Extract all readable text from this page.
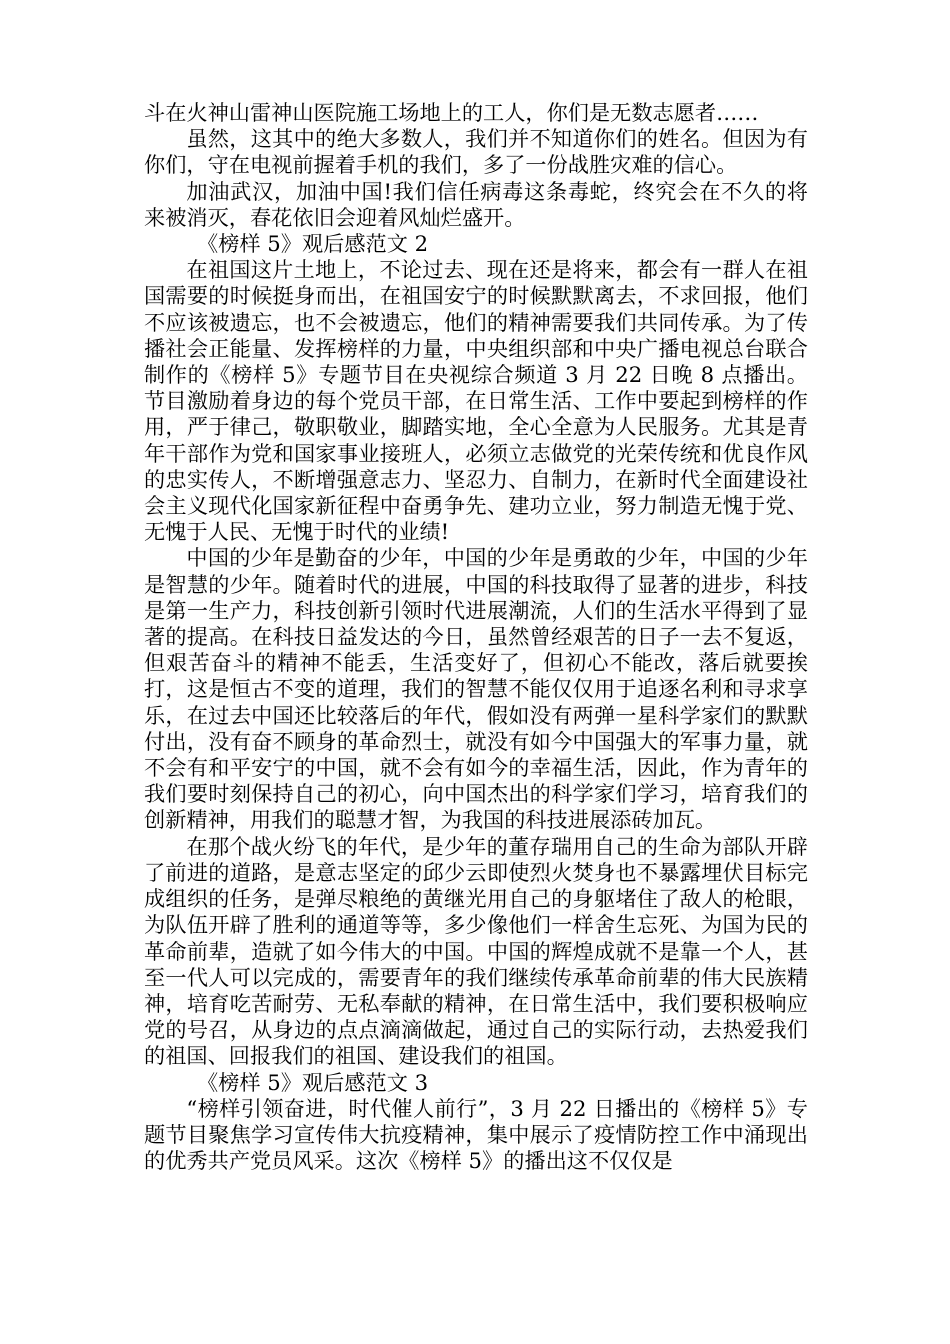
斗在火神山雷神山医院施工场地上的工人，你们是无数志愿者……

虽然，这其中的绝大多数人，我们并不知道你们的姓名。但因为有你们，守在电视前握着手机的我们，多了一份战胜灾难的信心。

加油武汉，加油中国!我们信任病毒这条毒蛇，终究会在不久的将来被消灭，春花依旧会迎着风灿烂盛开。

《榜样 5》观后感范文 2

在祖国这片土地上，不论过去、现在还是将来，都会有一群人在祖国需要的时候挺身而出，在祖国安宁的时候默默离去，不求回报，他们不应该被遗忘，也不会被遗忘，他们的精神需要我们共同传承。为了传播社会正能量、发挥榜样的力量，中央组织部和中央广播电视总台联合制作的《榜样 5》专题节目在央视综合频道 3 月 22 日晚 8 点播出。节目激励着身边的每个党员干部，在日常生活、工作中要起到榜样的作用，严于律己，敬职敬业，脚踏实地，全心全意为人民服务。尤其是青年干部作为党和国家事业接班人，必须立志做党的光荣传统和优良作风的忠实传人，不断增强意志力、坚忍力、自制力，在新时代全面建设社会主义现代化国家新征程中奋勇争先、建功立业，努力制造无愧于党、无愧于人民、无愧于时代的业绩!

中国的少年是勤奋的少年，中国的少年是勇敢的少年，中国的少年是智慧的少年。随着时代的进展，中国的科技取得了显著的进步，科技是第一生产力，科技创新引领时代进展潮流，人们的生活水平得到了显著的提高。在科技日益发达的今日，虽然曾经艰苦的日子一去不复返，但艰苦奋斗的精神不能丢，生活变好了，但初心不能改，落后就要挨打，这是恒古不变的道理，我们的智慧不能仅仅用于追逐名利和寻求享乐，在过去中国还比较落后的年代，假如没有两弹一星科学家们的默默付出，没有奋不顾身的革命烈士，就没有如今中国强大的军事力量，就不会有和平安宁的中国，就不会有如今的幸福生活，因此，作为青年的我们要时刻保持自己的初心，向中国杰出的科学家们学习，培育我们的创新精神，用我们的聪慧才智，为我国的科技进展添砖加瓦。

在那个战火纷飞的年代，是少年的董存瑞用自己的生命为部队开辟了前进的道路，是意志坚定的邱少云即使烈火焚身也不暴露埋伏目标完成组织的任务，是弹尽粮绝的黄继光用自己的身躯堵住了敌人的枪眼，为队伍开辟了胜利的通道等等，多少像他们一样舍生忘死、为国为民的革命前辈，造就了如今伟大的中国。中国的辉煌成就不是靠一个人，甚至一代人可以完成的，需要青年的我们继续传承革命前辈的伟大民族精神，培育吃苦耐劳、无私奉献的精神，在日常生活中，我们要积极响应党的号召，从身边的点点滴滴做起，通过自己的实际行动，去热爱我们的祖国、回报我们的祖国、建设我们的祖国。

《榜样 5》观后感范文 3

“榜样引领奋进，时代催人前行”，3 月 22 日播出的《榜样 5》专题节目聚焦学习宣传伟大抗疫精神，集中展示了疫情防控工作中涌现出的优秀共产党员风采。这次《榜样 5》的播出这不仅仅是
